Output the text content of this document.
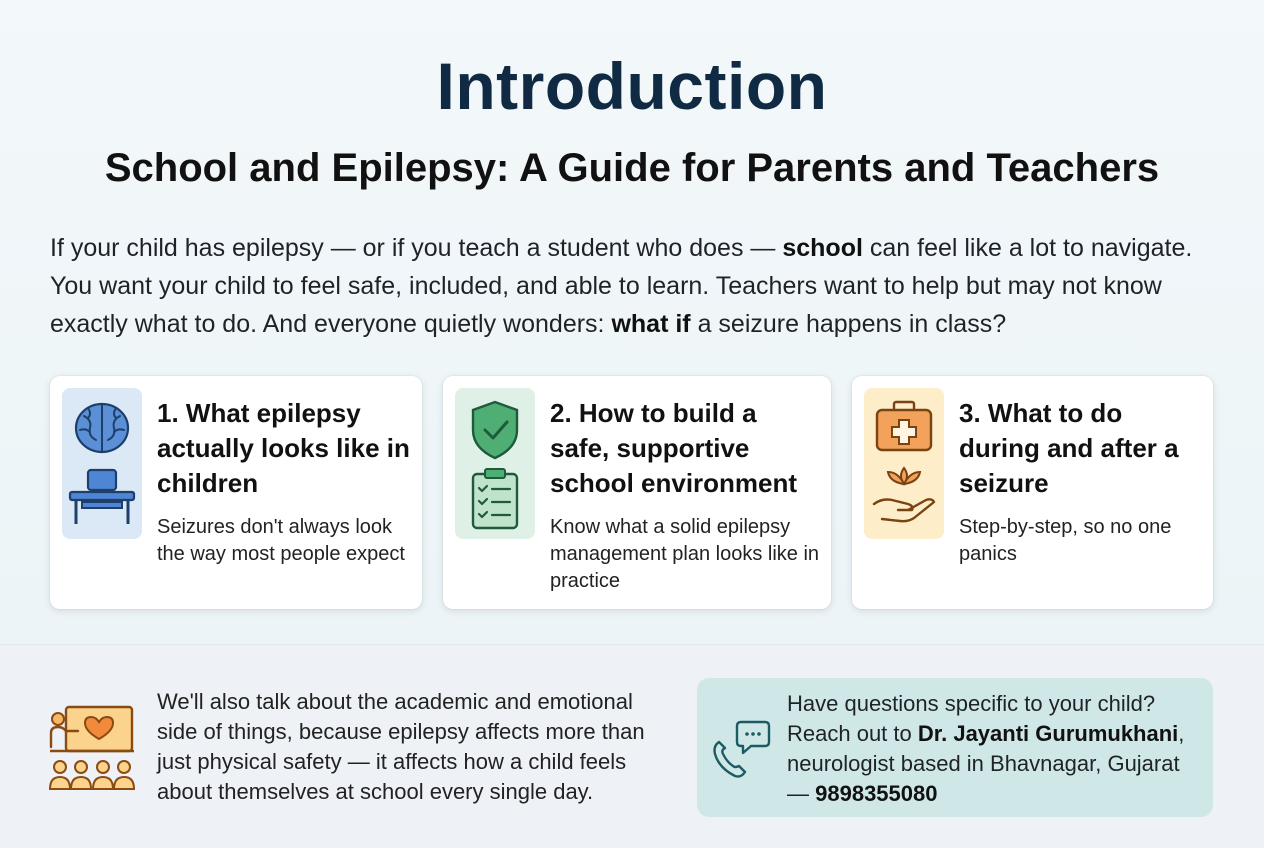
Introduction
School and Epilepsy: A Guide for Parents and Teachers

If your child has epilepsy — or if you teach a student who does — school can feel like a lot to navigate. You want your child to feel safe, included, and able to learn. Teachers want to help but may not know exactly what to do. And everyone quietly wonders: what if a seizure happens in class?

1. What epilepsy actually looks like in children
Seizures don't always look the way most people expect
2. How to build a safe, supportive school environment
Know what a solid epilepsy management plan looks like in practice
3. What to do during and after a seizure
Step-by-step, so no one panics

We'll also talk about the academic and emotional side of things, because epilepsy affects more than just physical safety — it affects how a child feels about themselves at school every single day.

Have questions specific to your child? Reach out to Dr. Jayanti Gurumukhani, neurologist based in Bhavnagar, Gujarat — 9898355080
